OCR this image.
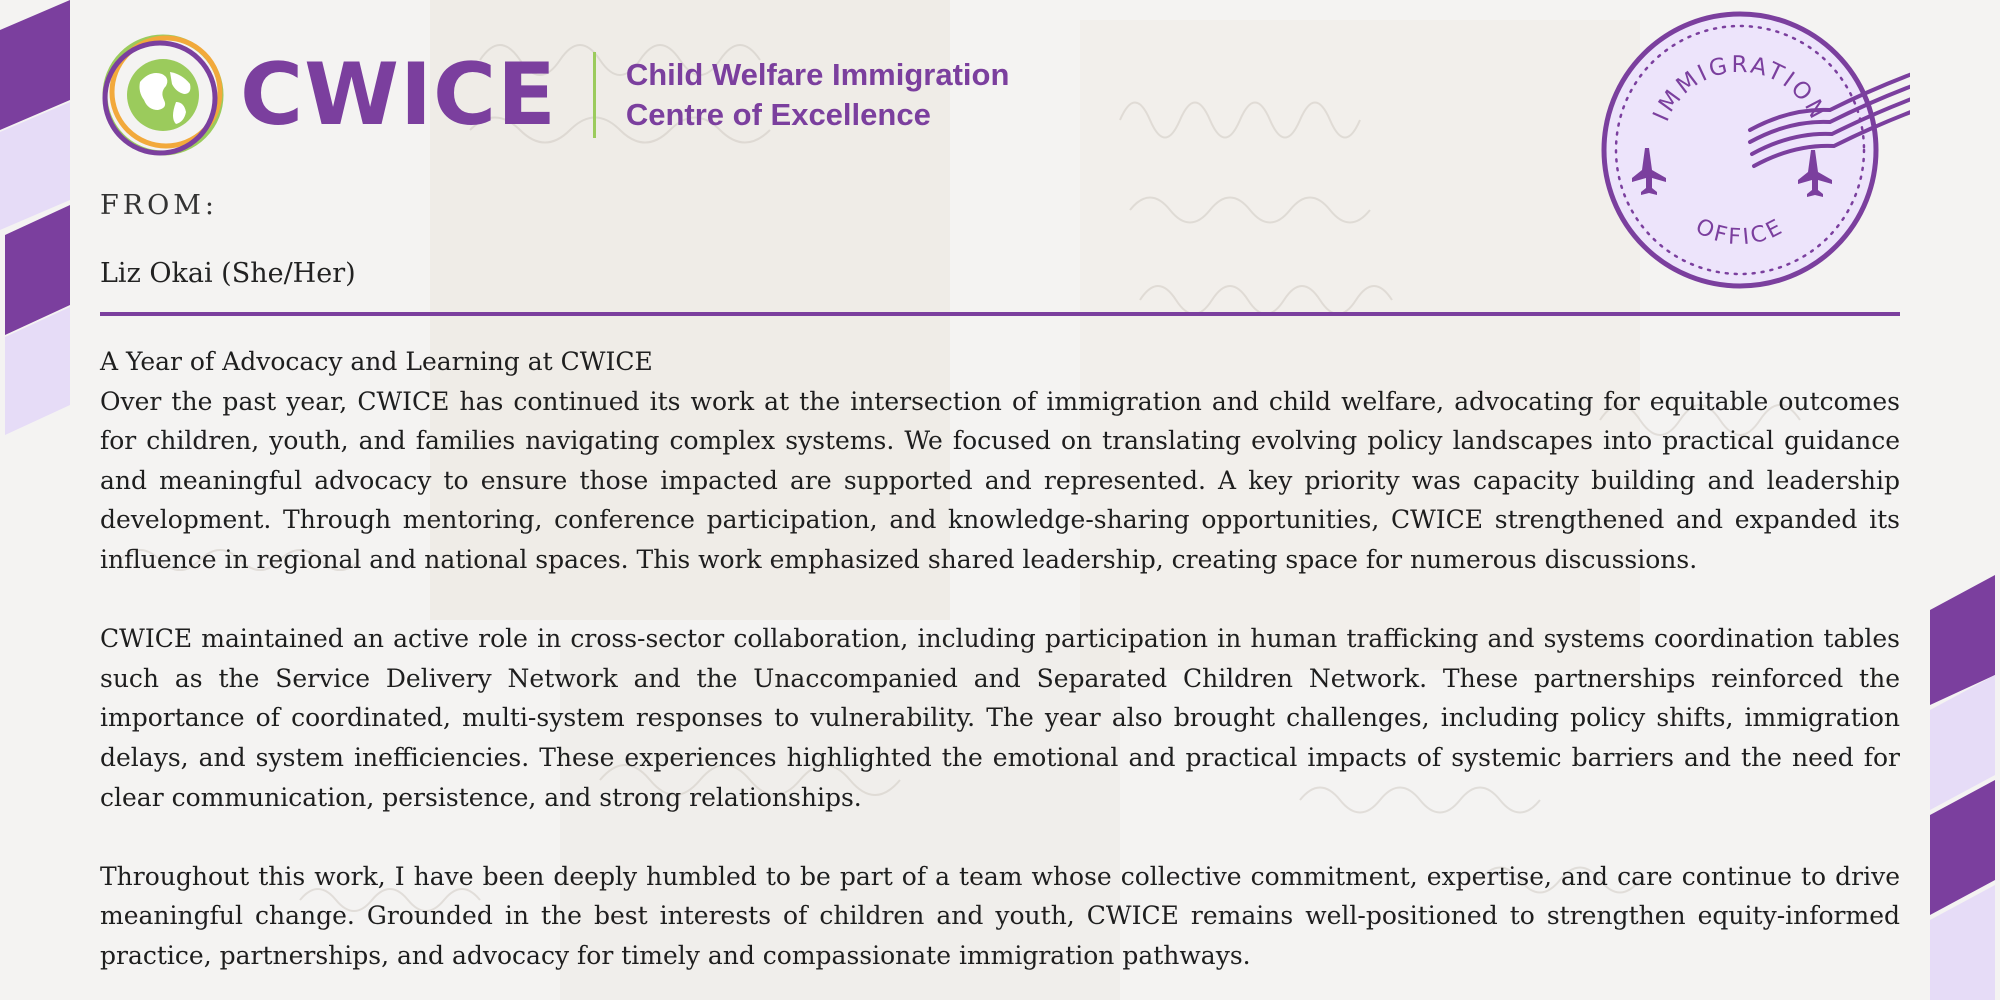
CWICE Child Welfare Immigration
Centre of Excellence	IMMIGRATION
OFFICE
FROM:
Liz Okai (She/Her)

A Year of Advocacy and Learning at CWICE

Over the past year, CWICE has continued its work at the intersection of immigration and child welfare, advocating for equitable outcomes for children, youth, and families navigating complex systems. We focused on translating evolving policy landscapes into practical guidance and meaningful advocacy to ensure those impacted are supported and represented. A key priority was capacity building and leadership development. Through mentoring, conference participation, and knowledge-sharing opportunities, CWICE strengthened and expanded its influence in regional and national spaces. This work emphasized shared leadership, creating space for numerous discussions.

CWICE maintained an active role in cross-sector collaboration, including participation in human trafficking and systems coordination tables such as the Service Delivery Network and the Unaccompanied and Separated Children Network. These partnerships reinforced the importance of coordinated, multi-system responses to vulnerability. The year also brought challenges, including policy shifts, immigration delays, and system inefficiencies. These experiences highlighted the emotional and practical impacts of systemic barriers and the need for clear communication, persistence, and strong relationships.

Throughout this work, I have been deeply humbled to be part of a team whose collective commitment, expertise, and care continue to drive meaningful change. Grounded in the best interests of children and youth, CWICE remains well-positioned to strengthen equity-informed practice, partnerships, and advocacy for timely and compassionate immigration pathways.
